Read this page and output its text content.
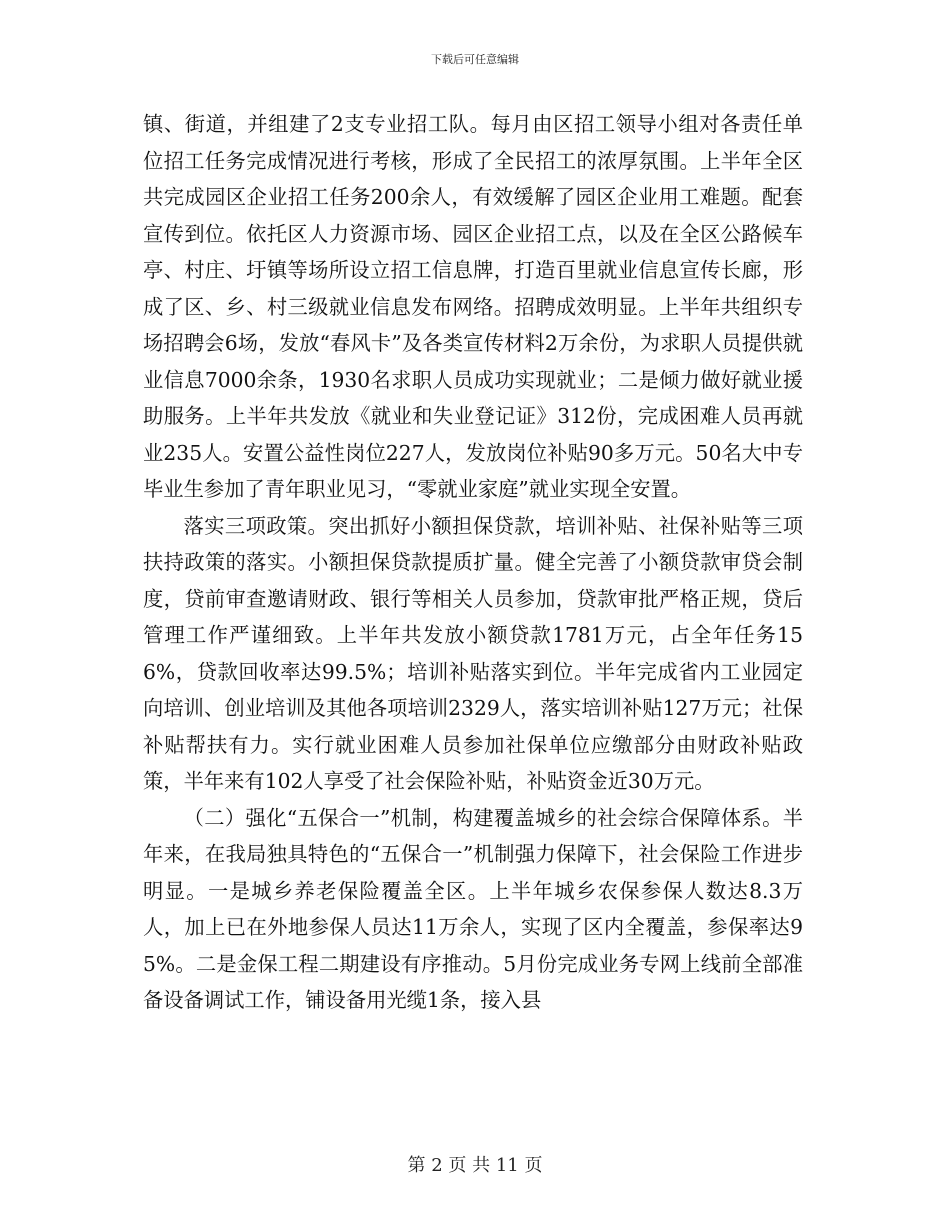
下载后可任意编辑

镇、街道，并组建了2支专业招工队。每月由区招工领导小组对各责任单位招工任务完成情况进行考核，形成了全民招工的浓厚氛围。上半年全区共完成园区企业招工任务200余人，有效缓解了园区企业用工难题。配套宣传到位。依托区人力资源市场、园区企业招工点，以及在全区公路候车亭、村庄、圩镇等场所设立招工信息牌，打造百里就业信息宣传长廊，形成了区、乡、村三级就业信息发布网络。招聘成效明显。上半年共组织专场招聘会6场，发放“春风卡”及各类宣传材料2万余份，为求职人员提供就业信息7000余条，1930名求职人员成功实现就业；二是倾力做好就业援助服务。上半年共发放《就业和失业登记证》312份，完成困难人员再就业235人。安置公益性岗位227人，发放岗位补贴90多万元。50名大中专毕业生参加了青年职业见习，“零就业家庭”就业实现全安置。

落实三项政策。突出抓好小额担保贷款，培训补贴、社保补贴等三项扶持政策的落实。小额担保贷款提质扩量。健全完善了小额贷款审贷会制度，贷前审查邀请财政、银行等相关人员参加，贷款审批严格正规，贷后管理工作严谨细致。上半年共发放小额贷款1781万元，占全年任务156%，贷款回收率达99.5%；培训补贴落实到位。半年完成省内工业园定向培训、创业培训及其他各项培训2329人，落实培训补贴127万元；社保补贴帮扶有力。实行就业困难人员参加社保单位应缴部分由财政补贴政策，半年来有102人享受了社会保险补贴，补贴资金近30万元。

（二）强化“五保合一”机制，构建覆盖城乡的社会综合保障体系。半年来，在我局独具特色的“五保合一”机制强力保障下，社会保险工作进步明显。一是城乡养老保险覆盖全区。上半年城乡农保参保人数达8.3万人，加上已在外地参保人员达11万余人，实现了区内全覆盖，参保率达95%。二是金保工程二期建设有序推动。5月份完成业务专网上线前全部准备设备调试工作，铺设备用光缆1条，接入县

第 2 页 共 11 页
